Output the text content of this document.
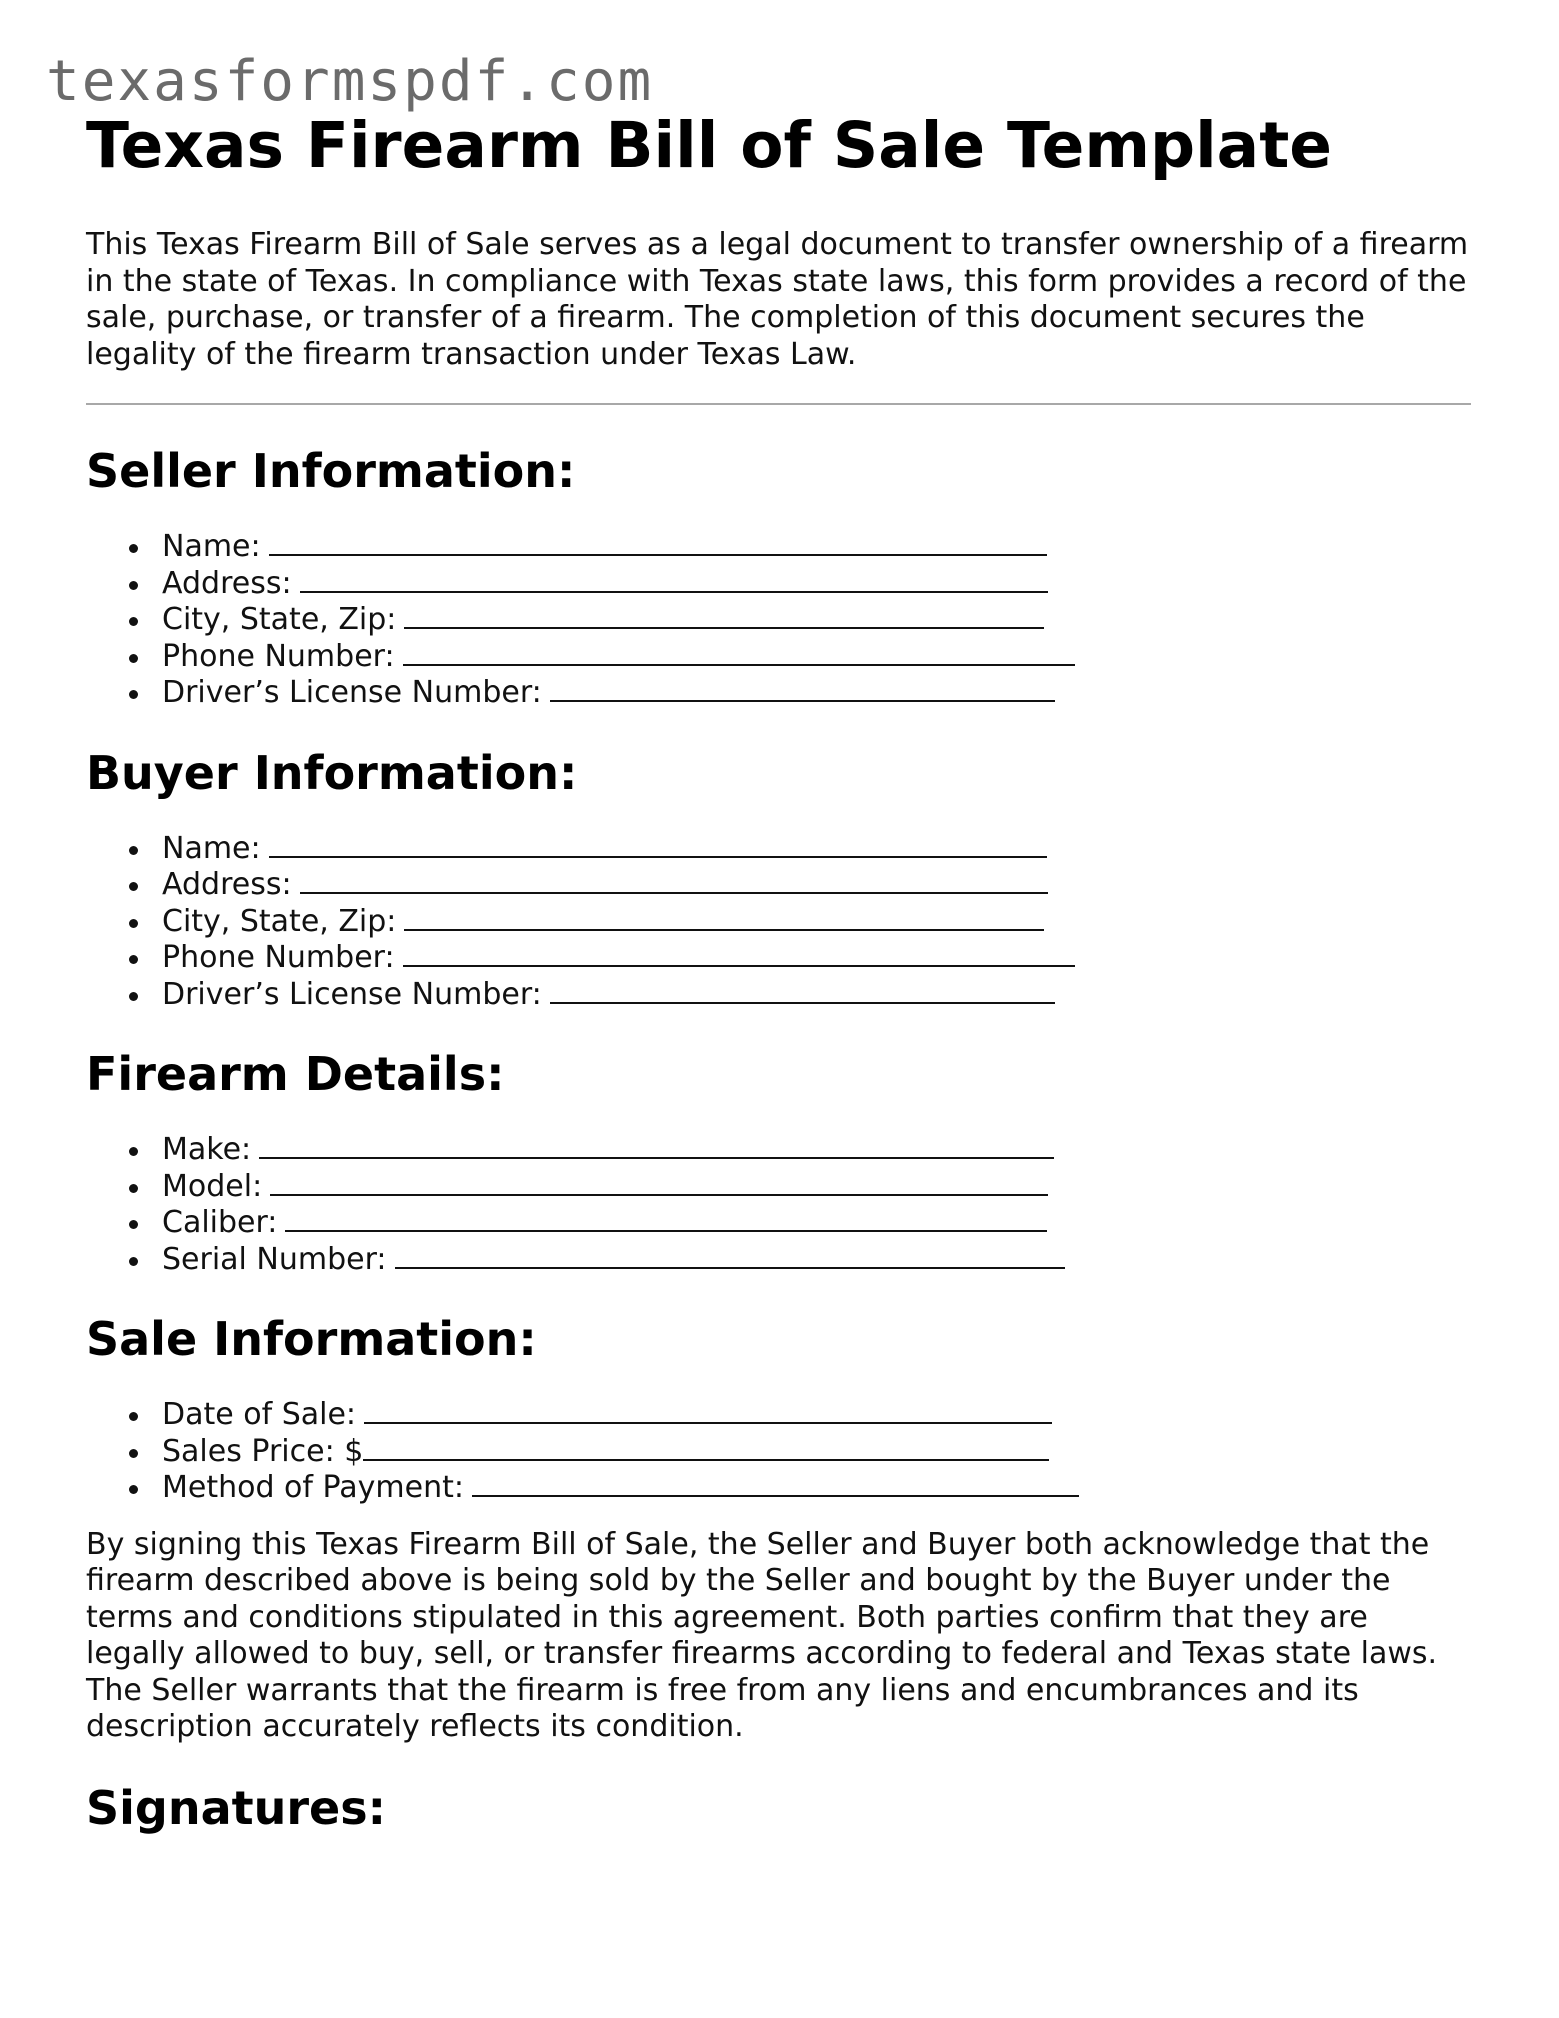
texasformspdf.com
Texas Firearm Bill of Sale Template

This Texas Firearm Bill of Sale serves as a legal document to transfer ownership of a firearm in the state of Texas. In compliance with Texas state laws, this form provides a record of the sale, purchase, or transfer of a firearm. The completion of this document secures the legality of the firearm transaction under Texas Law.

Seller Information:
Name:
Address:
City, State, Zip:
Phone Number:
Driver’s License Number:
Buyer Information:
Name:
Address:
City, State, Zip:
Phone Number:
Driver’s License Number:
Firearm Details:
Make:
Model:
Caliber:
Serial Number:
Sale Information:
Date of Sale:
Sales Price: $
Method of Payment:

By signing this Texas Firearm Bill of Sale, the Seller and Buyer both acknowledge that the firearm described above is being sold by the Seller and bought by the Buyer under the terms and conditions stipulated in this agreement. Both parties confirm that they are legally allowed to buy, sell, or transfer firearms according to federal and Texas state laws. The Seller warrants that the firearm is free from any liens and encumbrances and its description accurately reflects its condition.

Signatures:
